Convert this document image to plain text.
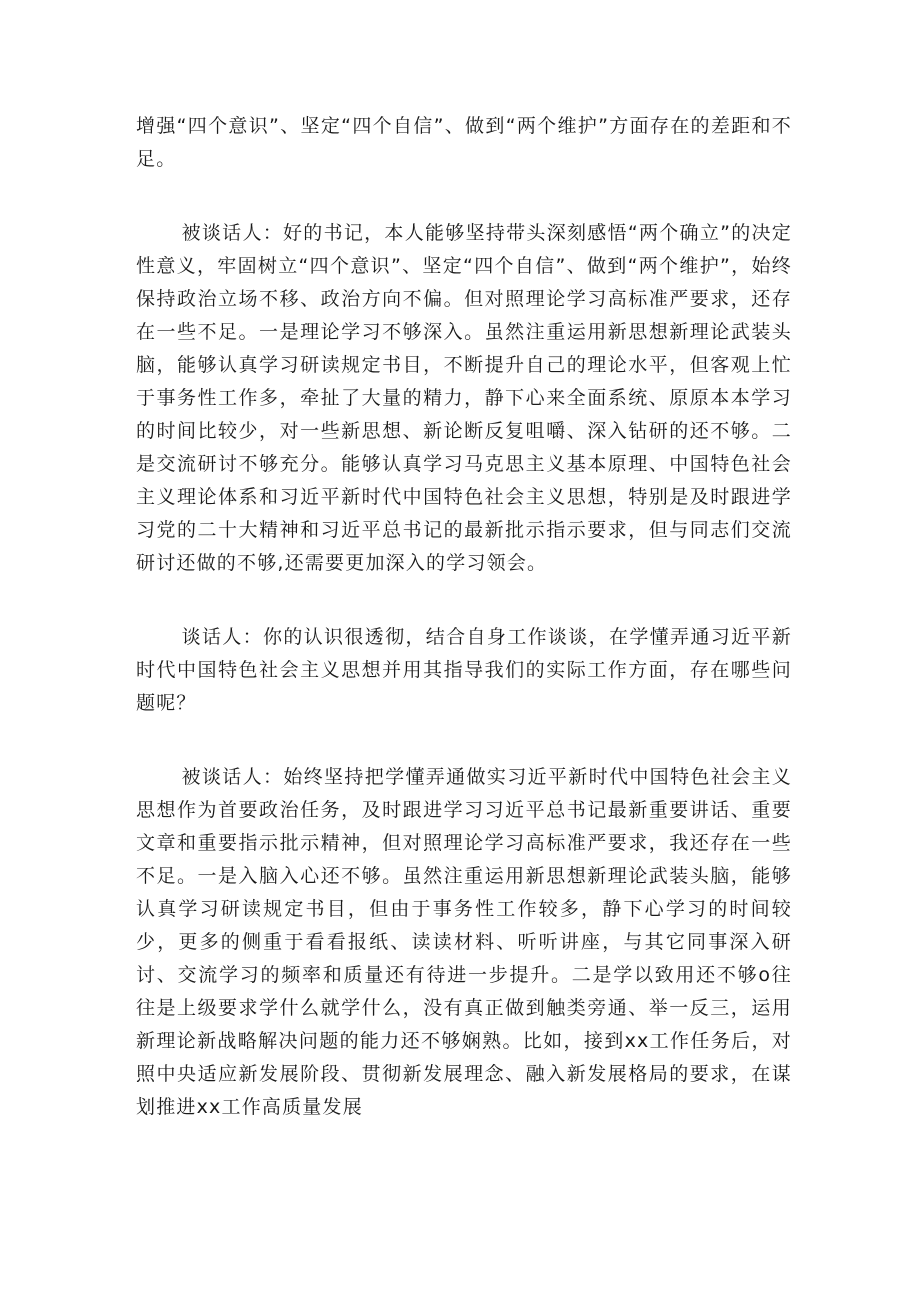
增强“四个意识”、坚定“四个自信”、做到“两个维护”方面存在的差距和不足。

被谈话人：好的书记，本人能够坚持带头深刻感悟“两个确立”的决定性意义，牢固树立“四个意识”、坚定“四个自信”、做到“两个维护”，始终保持政治立场不移、政治方向不偏。但对照理论学习高标准严要求，还存在一些不足。一是理论学习不够深入。虽然注重运用新思想新理论武装头脑，能够认真学习研读规定书目，不断提升自己的理论水平，但客观上忙于事务性工作多，牵扯了大量的精力，静下心来全面系统、原原本本学习的时间比较少，对一些新思想、新论断反复咀嚼、深入钻研的还不够。二是交流研讨不够充分。能够认真学习马克思主义基本原理、中国特色社会主义理论体系和习近平新时代中国特色社会主义思想，特别是及时跟进学习党的二十大精神和习近平总书记的最新批示指示要求，但与同志们交流研讨还做的不够,还需要更加深入的学习领会。

谈话人：你的认识很透彻，结合自身工作谈谈，在学懂弄通习近平新时代中国特色社会主义思想并用其指导我们的实际工作方面，存在哪些问题呢？

被谈话人：始终坚持把学懂弄通做实习近平新时代中国特色社会主义思想作为首要政治任务，及时跟进学习习近平总书记最新重要讲话、重要文章和重要指示批示精神，但对照理论学习高标准严要求，我还存在一些不足。一是入脑入心还不够。虽然注重运用新思想新理论武装头脑，能够认真学习研读规定书目，但由于事务性工作较多，静下心学习的时间较少，更多的侧重于看看报纸、读读材料、听听讲座，与其它同事深入研讨、交流学习的频率和质量还有待进一步提升。二是学以致用还不够o往往是上级要求学什么就学什么，没有真正做到触类旁通、举一反三，运用新理论新战略解决问题的能力还不够娴熟。比如，接到xx工作任务后，对照中央适应新发展阶段、贯彻新发展理念、融入新发展格局的要求，在谋划推进xx工作高质量发展
